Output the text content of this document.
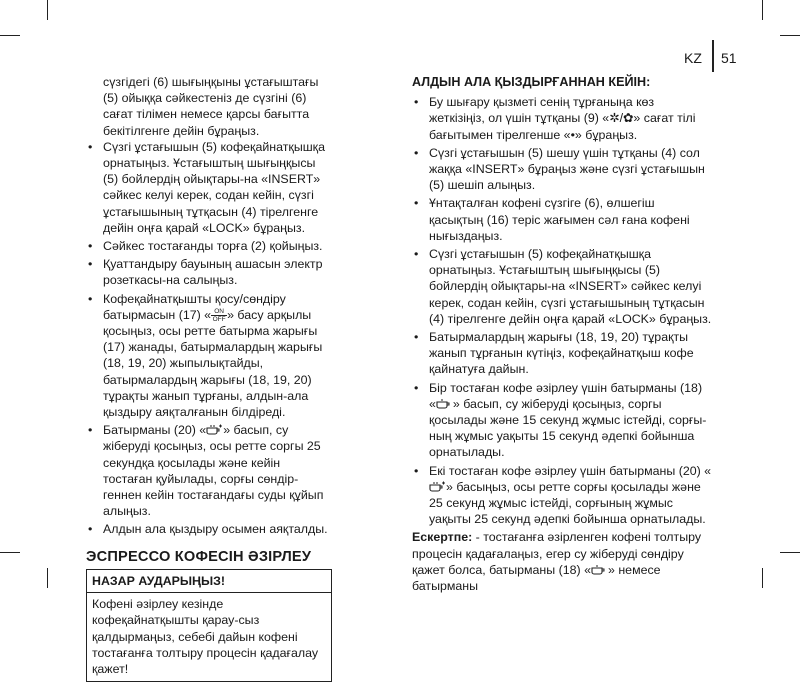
KZ 51

сүзгідегі (6) шығыңқыны ұстағыштағы (5) ойыққа сәйкестеніз де сүзгіні (6) сағат тілімен немесе қарсы бағытта бекітілгенге дейін бұраңыз.

• Сүзгі ұстағышын (5) кофеқайнатқышқа орнатыңыз. Ұстағыштың шығыңқысы (5) бойлердің ойықтары-на «INSERT» сәйкес келуі керек, содан кейін, сүзгі ұстағышының тұтқасын (4) тірелгенге дейін оңға қарай «LOCK» бұраңыз.
• Сәйкес тостағанды торға (2) қойыңыз.
• Қуаттандыру бауының ашасын электр розеткасы-на салыңыз.
• Кофеқайнатқышты қосу/сөндіру батырмасын (17) « ON
OFF » басу арқылы қосыңыз, осы ретте батырма жарығы (17) жанады, батырмалардың жарығы (18, 19, 20) жыпылықтайды, батырмалардың жарығы (18, 19, 20) тұрақты жанып тұрғаны, алдын-ала қыздыру аяқталғанын білдіреді.
• Батырманы (20) « » басып, су жіберуді қосыңыз, осы ретте соргы 25 секундқа қосылады және кейін тостаған қуйылады, сорғы сөндір-геннен кейін тостағандағы суды құйып алыңыз.
• Алдын ала қыздыру осымен аяқталды.
ЭСПРЕССО КОФЕСІН ӘЗІРЛЕУ
НАЗАР АУДАРЫҢЫЗ!
Кофені әзірлеу кезінде кофеқайнатқышты қарау-сыз қалдырмаңыз, себебі дайын кофені тостағанға толтыру процесін қадағалау қажет!
АЛДЫН АЛА ҚЫЗДЫРҒАННАН КЕЙІН:
• Бу шығару қызметі сенің тұрғаныңа көз жеткізіңіз, ол үшін тұтқаны (9) «✲/✿» сағат тілі бағытымен тірелгенше «•» бұраңыз.
• Сүзгі ұстағышын (5) шешу үшін тұтқаны (4) сол жаққа «INSERT» бұраңыз және сүзгі ұстағышын (5) шешіп алыңыз.
• Ұнтақталған кофені сүзгіге (6), өлшегіш қасықтың (16) теріс жағымен сәл ғана кофені нығыздаңыз.
• Сүзгі ұстағышын (5) кофеқайнатқышқа орнатыңыз. Ұстағыштың шығыңқысы (5) бойлердің ойықтары-на «INSERT» сәйкес келуі керек, содан кейін, сүзгі ұстағышының тұтқасын (4) тірелгенге дейін оңға қарай «LOCK» бұраңыз.
• Батырмалардың жарығы (18, 19, 20) тұрақты жанып тұрғанын күтіңіз, кофеқайнатқыш кофе қайнатуға дайын.
• Бір тостаған кофе әзірлеу үшін батырманы (18) « » басып, су жіберуді қосыңыз, соргы қосылады және 15 секунд жұмыс істейді, сорғы-ның жұмыс уақыты 15 секунд әдепкі бойынша орнатылады.
• Екі тостаған кофе әзірлеу үшін батырманы (20) «» басыңыз, осы ретте сорғы қосылады және 25 секунд жұмыс істейді, сорғының жұмыс уақыты 25 секунд әдепкі бойынша орнатылады.

Ескертпе: - тостағанға әзірленген кофені толтыру процесін қадағалаңыз, егер су жіберуді сөндіру қажет болса, батырманы (18) « » немесе батырманы
